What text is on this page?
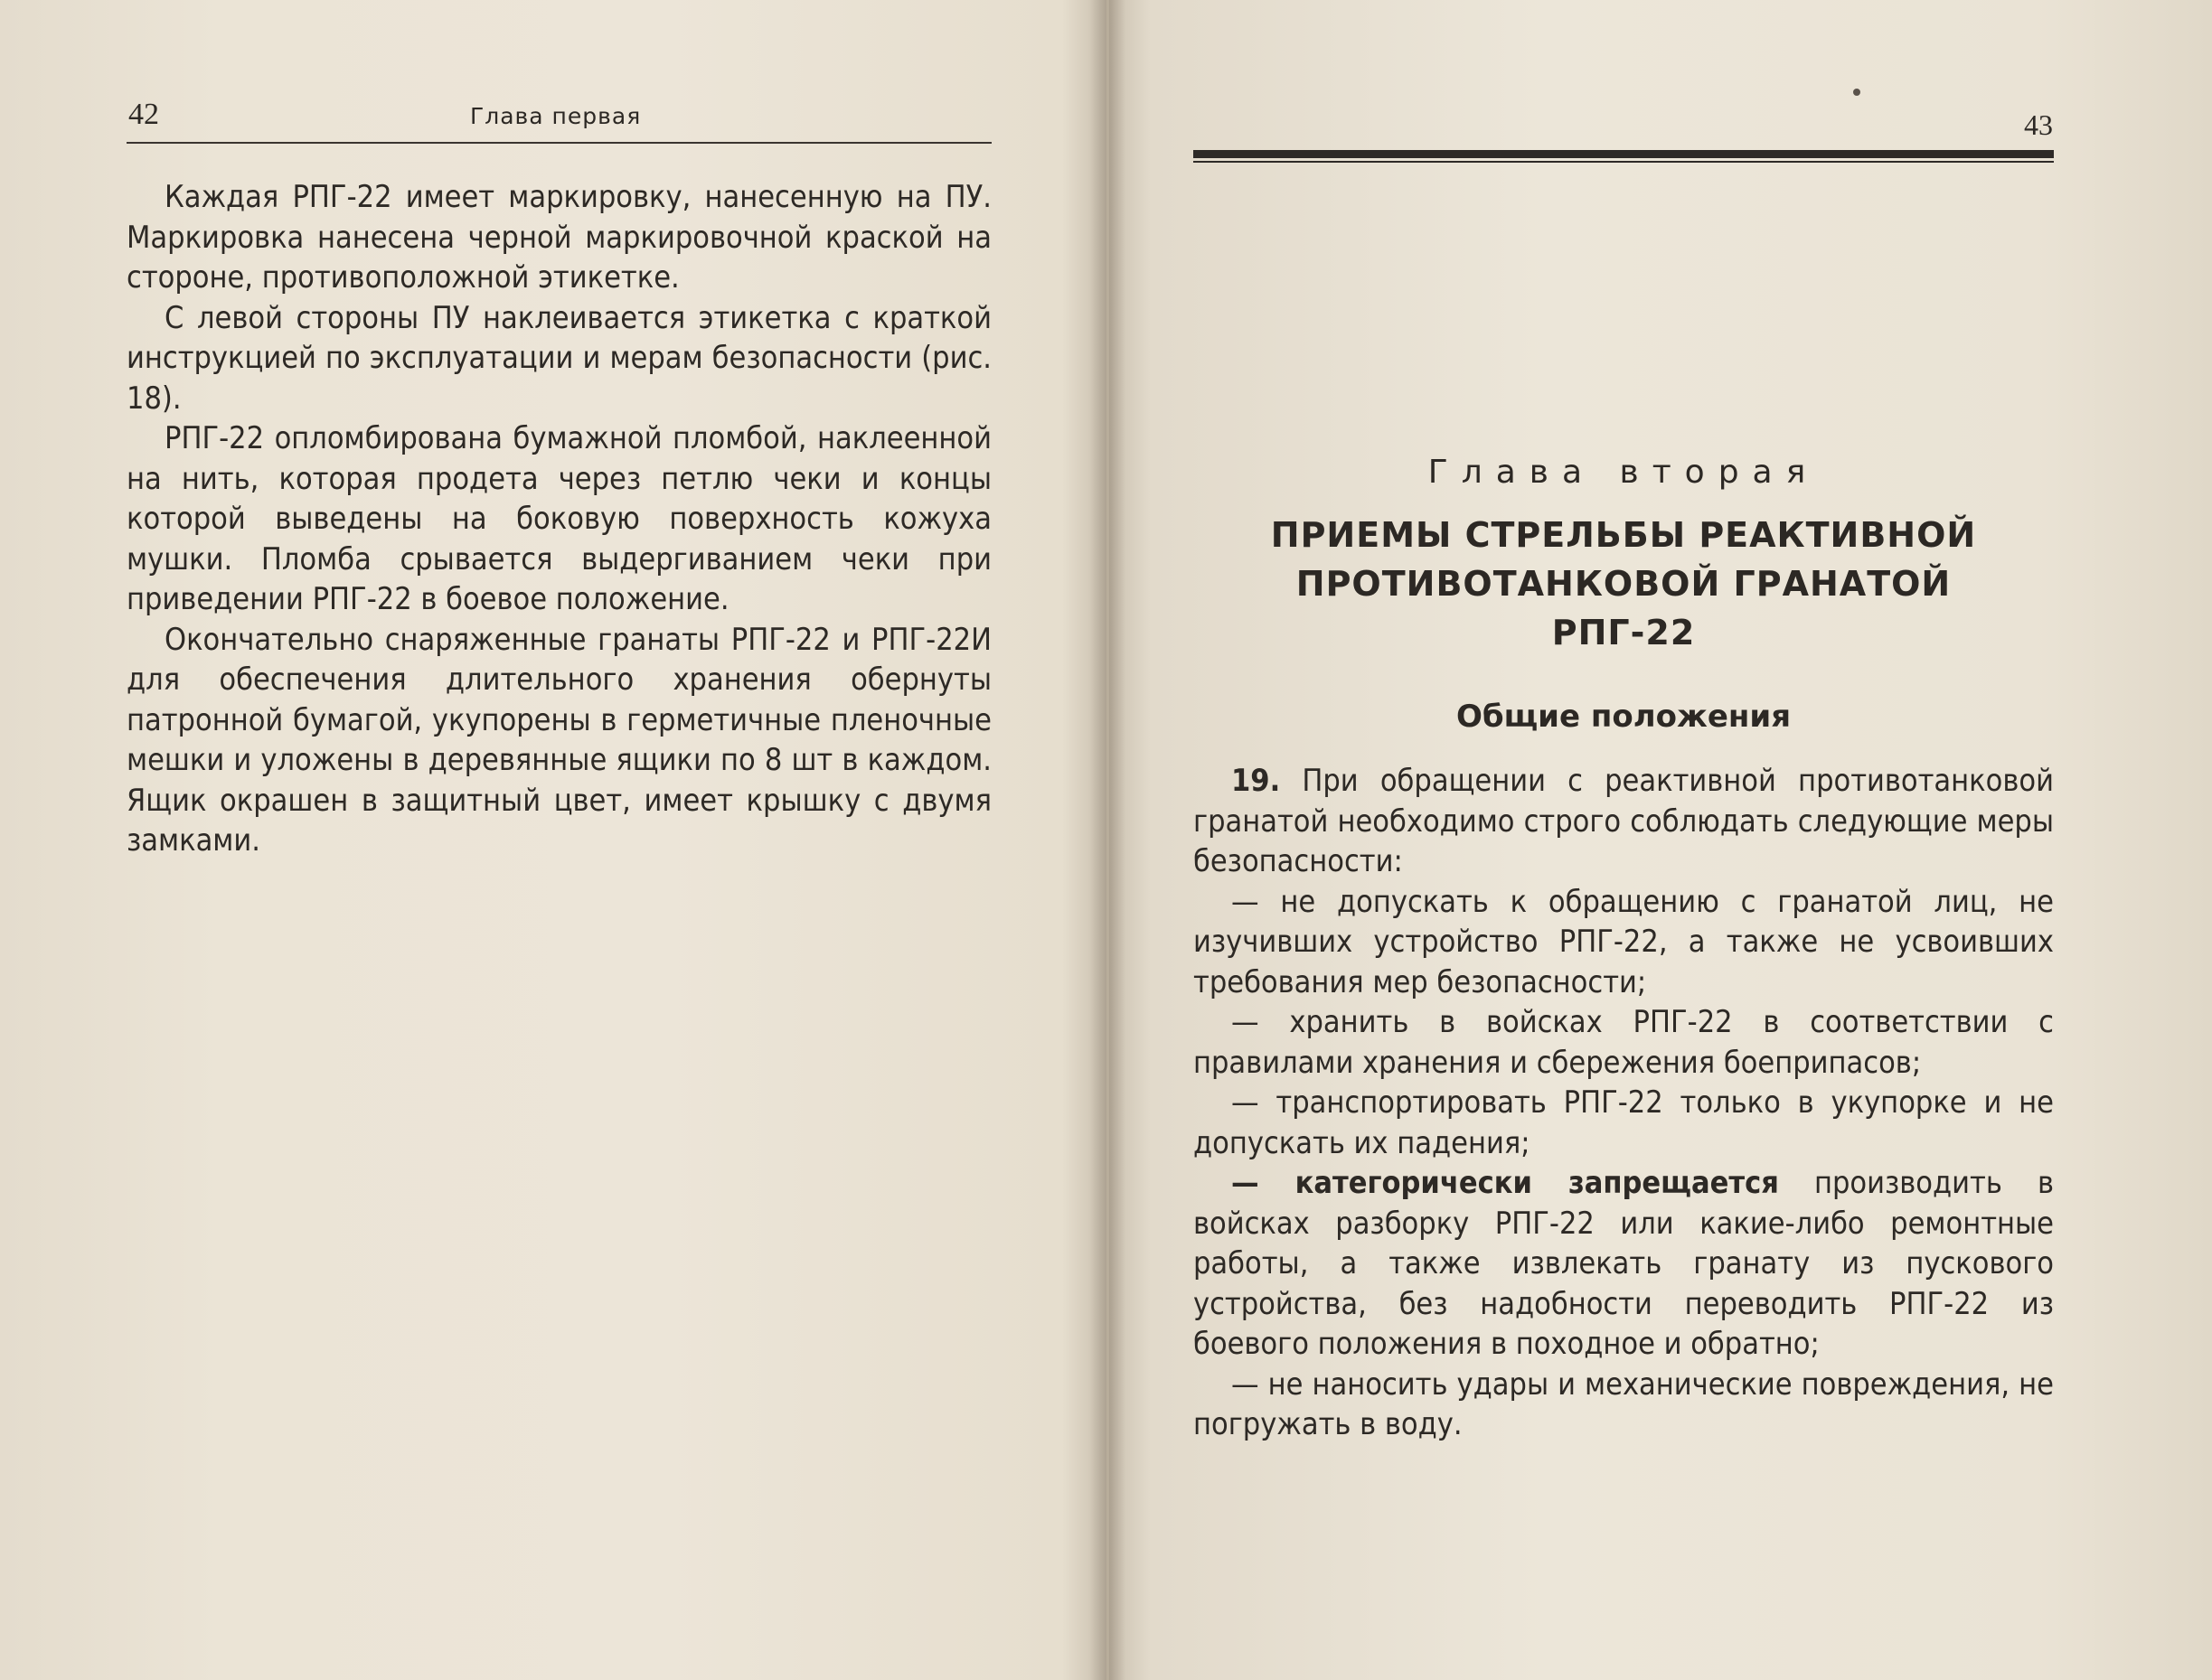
42	Глава первая

Каждая РПГ-22 имеет маркировку, нанесенную на ПУ. Маркировка нанесена черной маркировочной краской на стороне, противоположной этикетке.

С левой стороны ПУ наклеивается этикетка с краткой инструкцией по эксплуатации и мерам безопасности (рис. 18).

РПГ-22 опломбирована бумажной пломбой, наклеенной на нить, которая продета через петлю чеки и концы которой выведены на боковую поверхность кожуха мушки. Пломба срывается выдергиванием чеки при приведении РПГ-22 в боевое положение.

Окончательно снаряженные гранаты РПГ-22 и РПГ-22И для обеспечения длительного хранения обернуты патронной бумагой, укупорены в герметичные пленочные мешки и уложены в деревянные ящики по 8 шт в каждом. Ящик окрашен в защитный цвет, имеет крышку с двумя замками.

43
Глава вторая
ПРИЕМЫ СТРЕЛЬБЫ РЕАКТИВНОЙ
ПРОТИВОТАНКОВОЙ ГРАНАТОЙ
РПГ-22
Общие положения

19. При обращении с реактивной противотанковой гранатой необходимо строго соблюдать следующие меры безопасности:

— не допускать к обращению с гранатой лиц, не изучивших устройство РПГ-22, а также не усвоивших требования мер безопасности;

— хранить в войсках РПГ-22 в соответствии с правилами хранения и сбережения боеприпасов;

— транспортировать РПГ-22 только в укупорке и не допускать их падения;

— категорически запрещается производить в войсках разборку РПГ-22 или какие-либо ремонтные работы, а также извлекать гранату из пускового устройства, без надобности переводить РПГ-22 из боевого положения в походное и обратно;

— не наносить удары и механические повреждения, не погружать в воду.
